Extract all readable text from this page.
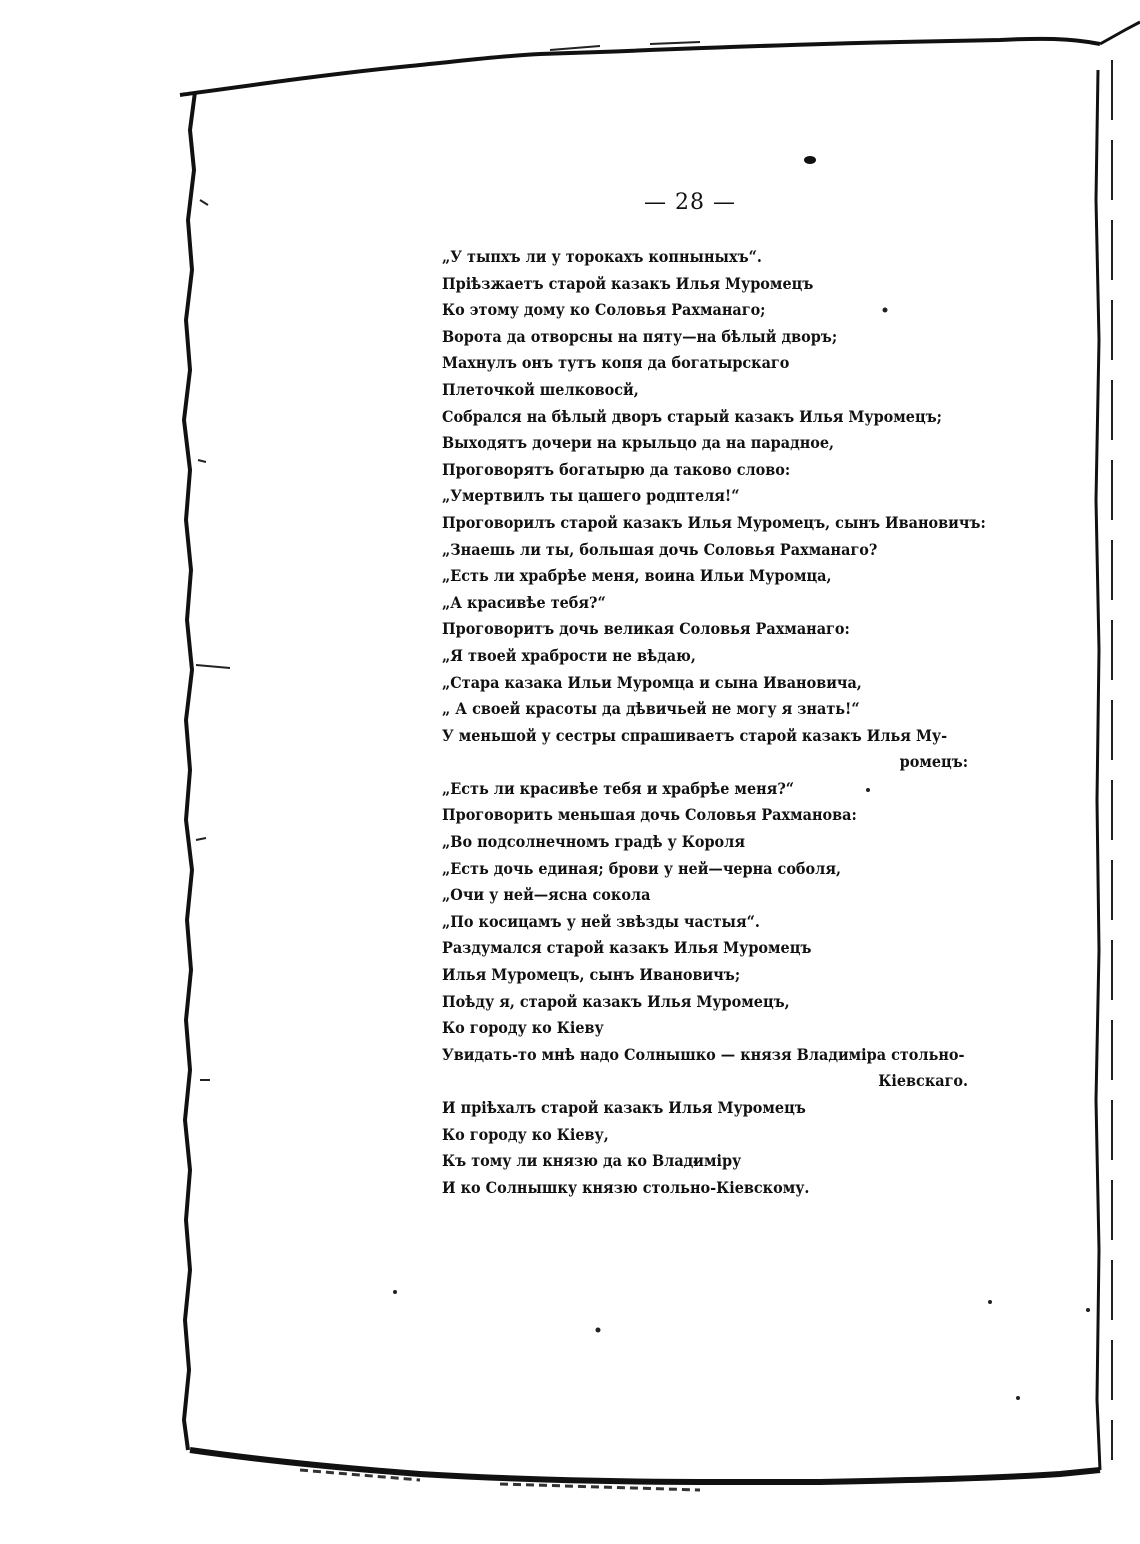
— 28 —
„У тыпхъ ли у торокахъ копныныхъ“.
Пріѣзжаетъ старой казакъ Илья Муромецъ
Ко этому дому ко Соловья Рахманаго;
Ворота да отворсны на пяту—на бѣлый дворъ;
Махнулъ онъ тутъ копя да богатырскаго
Плеточкой шелковосй,
Собрался на бѣлый дворъ старый казакъ Илья Муромецъ;
Выходятъ дочери на крыльцо да на парадное,
Проговорятъ богатырю да таково слово:
„Умертвилъ ты цашего родптеля!“
Проговорилъ старой казакъ Илья Муромецъ, сынъ Ивановичъ:
„Знаешь ли ты, большая дочь Соловья Рахманаго?
„Есть ли храбрѣе меня, воина Ильи Муромца,
„А красивѣе тебя?“
Проговоритъ дочь великая Соловья Рахманаго:
„Я твоей храбрости не вѣдаю,
„Стара казака Ильи Муромца и сына Ивановича,
„ А своей красоты да дѣвичьей не могу я знать!“
У меньшой у сестры спрашиваетъ старой казакъ Илья Му-
ромецъ:
„Есть ли красивѣе тебя и храбрѣе меня?“
Проговорить меньшая дочь Соловья Рахманова:
„Во подсолнечномъ градѣ у Короля
„Есть дочь единая; брови у ней—черна соболя,
„Очи у ней—ясна сокола
„По косицамъ у ней звѣзды частыя“.
Раздумался старой казакъ Илья Муромецъ
Илья Муромецъ, сынъ Ивановичъ;
Поѣду я, старой казакъ Илья Муромецъ,
Ко городу ко Кіеву
Увидать-то мнѣ надо Солнышко — князя Владиміра стольно-
Кіевскаго.
И пріѣхалъ старой казакъ Илья Муромецъ
Ко городу ко Кіеву,
Къ тому ли князю да ко Владиміру
И ко Солнышку князю стольно-Кіевскому.
